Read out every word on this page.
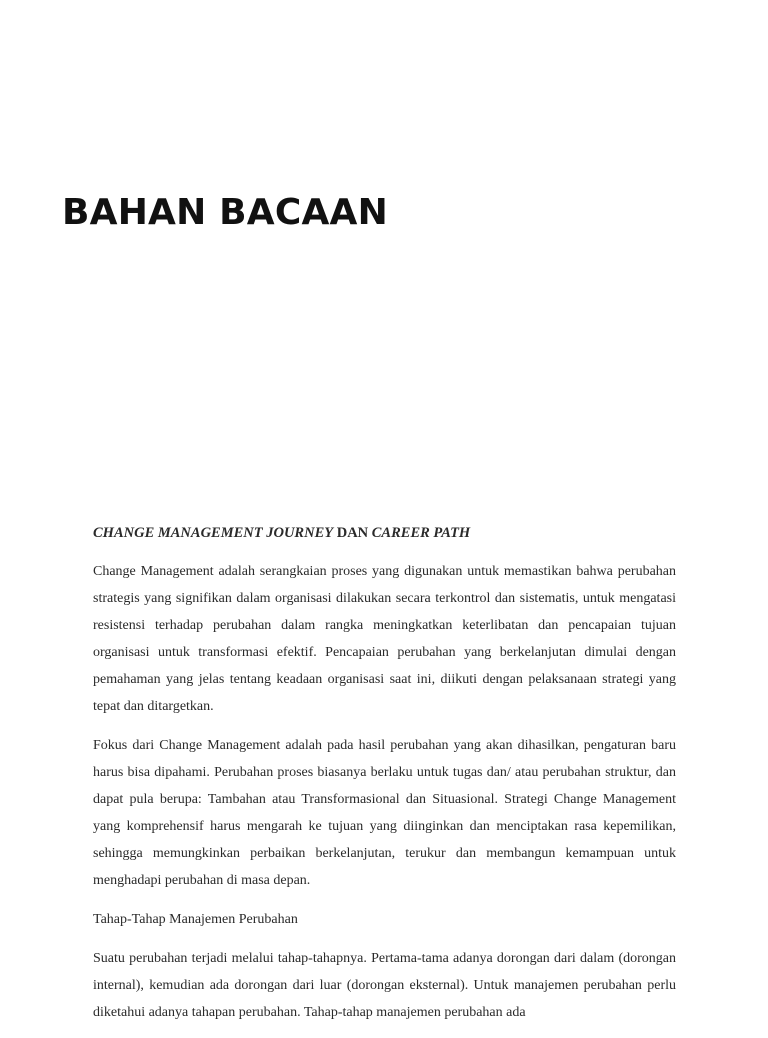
BAHAN BACAAN

CHANGE MANAGEMENT JOURNEY DAN CAREER PATH

Change Management adalah serangkaian proses yang digunakan untuk memastikan bahwa perubahan strategis yang signifikan dalam organisasi dilakukan secara terkontrol dan sistematis, untuk mengatasi resistensi terhadap perubahan dalam rangka meningkatkan keterlibatan dan pencapaian tujuan organisasi untuk transformasi efektif. Pencapaian perubahan yang berkelanjutan dimulai dengan pemahaman yang jelas tentang keadaan organisasi saat ini, diikuti dengan pelaksanaan strategi yang tepat dan ditargetkan.

Fokus dari Change Management adalah pada hasil perubahan yang akan dihasilkan, pengaturan baru harus bisa dipahami. Perubahan proses biasanya berlaku untuk tugas dan/ atau perubahan struktur, dan dapat pula berupa: Tambahan atau Transformasional dan Situasional. Strategi Change Management yang komprehensif harus mengarah ke tujuan yang diinginkan dan menciptakan rasa kepemilikan, sehingga memungkinkan perbaikan berkelanjutan, terukur dan membangun kemampuan untuk menghadapi perubahan di masa depan.

Tahap-Tahap Manajemen Perubahan

Suatu perubahan terjadi melalui tahap-tahapnya. Pertama-tama adanya dorongan dari dalam (dorongan internal), kemudian ada dorongan dari luar (dorongan eksternal). Untuk manajemen perubahan perlu diketahui adanya tahapan perubahan. Tahap-tahap manajemen perubahan ada
